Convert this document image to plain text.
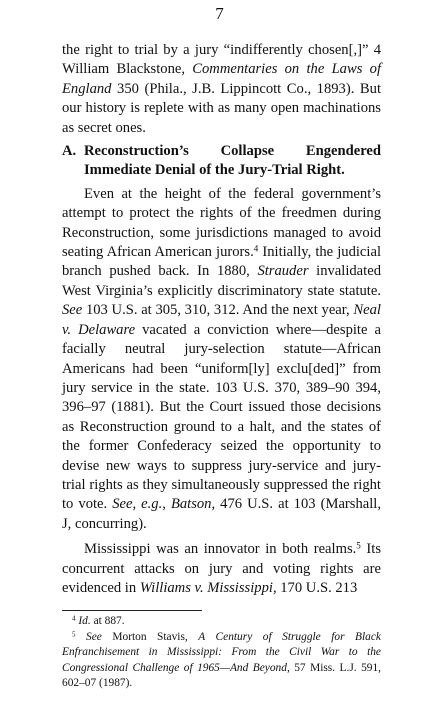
7

the right to trial by a jury “indifferently chosen[,]” 4 William Blackstone, Commentaries on the Laws of England 350 (Phila., J.B. Lippincott Co., 1893). But our history is replete with as many open machinations as secret ones.

A. Reconstruction’s Collapse Engendered Immediate Denial of the Jury-Trial Right.

Even at the height of the federal government’s attempt to protect the rights of the freedmen during Reconstruction, some jurisdictions managed to avoid seating African American jurors.$^4$ Initially, the judicial branch pushed back. In 1880, Strauder invalidated West Virginia’s explicitly discriminatory state statute. See 103 U.S. at 305, 310, 312. And the next year, Neal v. Delaware vacated a conviction where—despite a facially neutral jury-selection statute—African Americans had been “uniform[ly] exclu[ded]” from jury service in the state. 103 U.S. 370, 389–90 394, 396–97 (1881). But the Court issued those decisions as Reconstruction ground to a halt, and the states of the former Confederacy seized the opportunity to devise new ways to suppress jury-service and jury-trial rights as they simultaneously suppressed the right to vote. See, e.g., Batson, 476 U.S. at 103 (Marshall, J, concurring).

Mississippi was an innovator in both realms.$^5$ Its concurrent attacks on jury and voting rights are evidenced in Williams v. Mississippi, 170 U.S. 213

$^4$ Id. at 887.

$^5$ See Morton Stavis, A Century of Struggle for Black Enfranchisement in Mississippi: From the Civil War to the Congressional Challenge of 1965—And Beyond, 57 Miss. L.J. 591, 602–07 (1987).
